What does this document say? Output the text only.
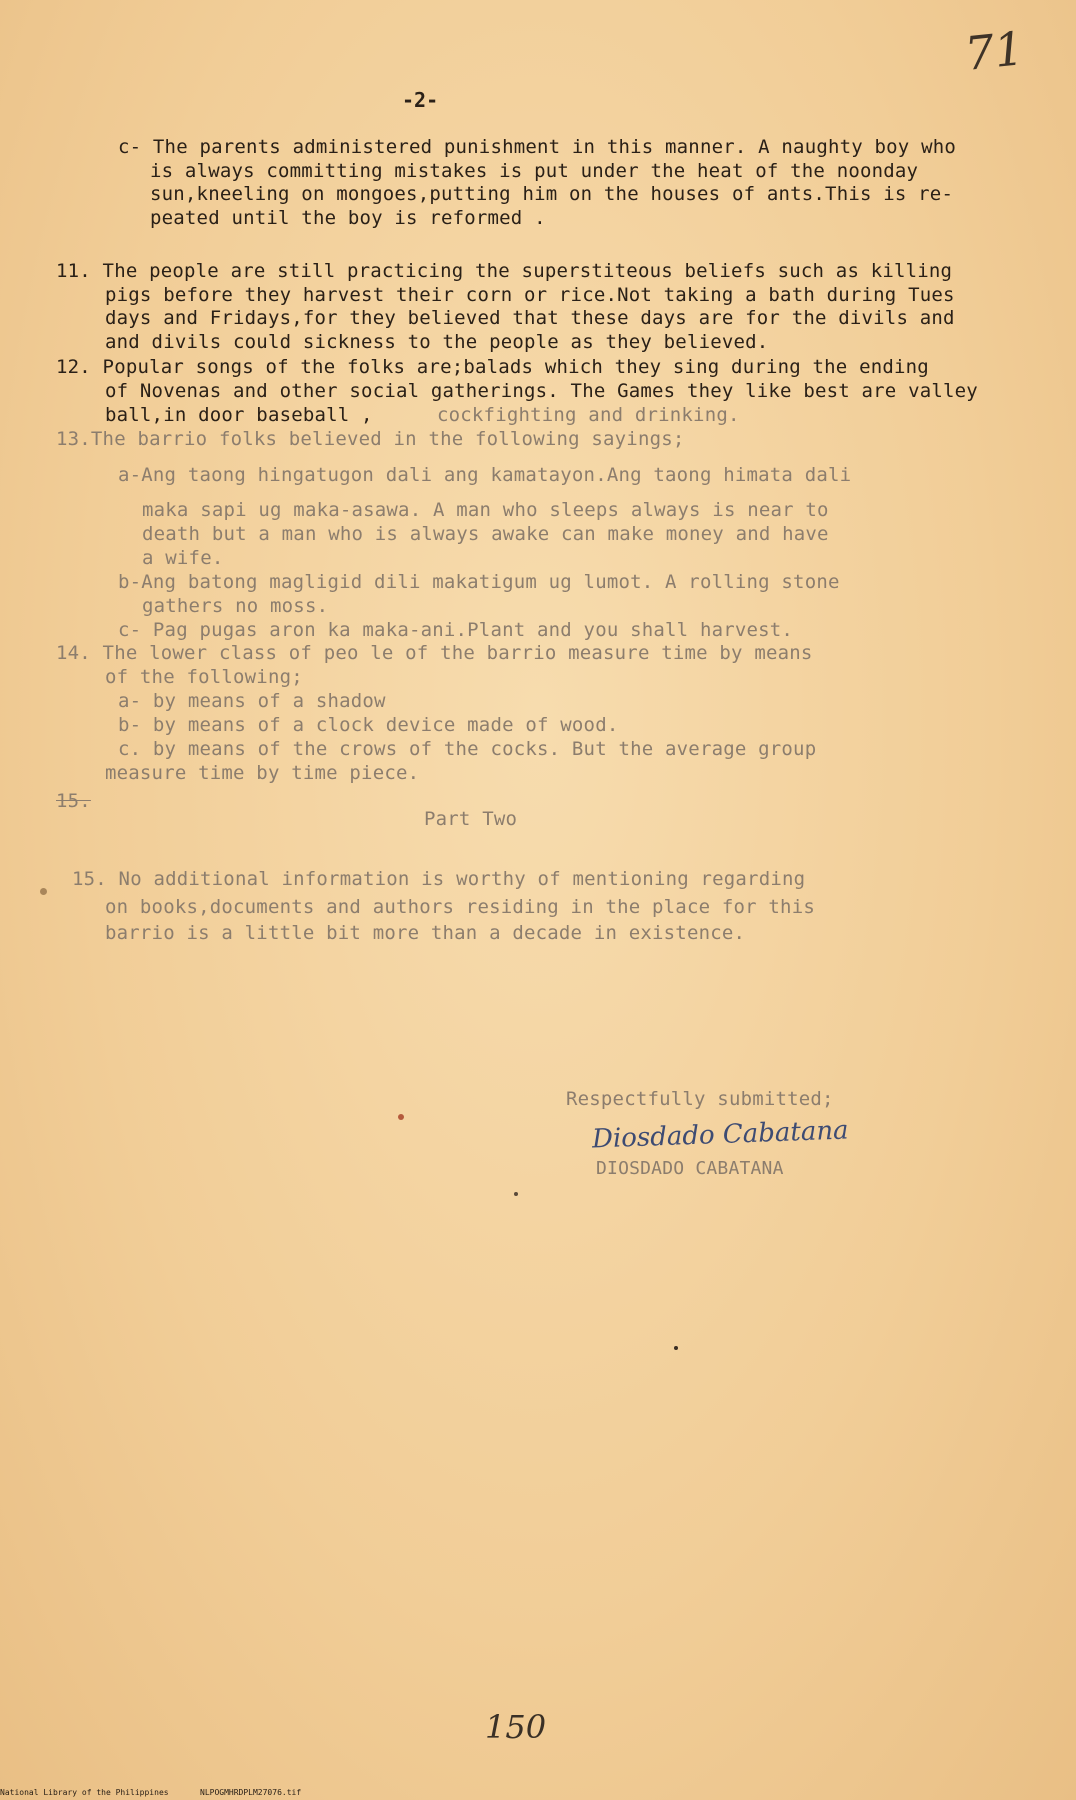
71
-2-
c- The parents administered punishment in this manner. A naughty boy who
is always committing mistakes is put under the heat of the noonday
sun,kneeling on mongoes,putting him on the houses of ants.This is re-
peated until the boy is reformed .
11. The people are still practicing the superstiteous beliefs such as killing
pigs before they harvest their corn or rice.Not taking a bath during Tues
days and Fridays,for they believed that these days are for the divils and
and divils could sickness to the people as they believed.
12. Popular songs of the folks are;balads which they sing during the ending
of Novenas and other social gatherings. The Games they like best are valley
ball,in door baseball ,	cockfighting and drinking.
13.The barrio folks believed in the following sayings;
a-Ang taong hingatugon dali ang kamatayon.Ang taong himata dali
maka sapi ug maka-asawa. A man who sleeps always is near to
death but a man who is always awake can make money and have
a wife.
b-Ang batong magligid dili makatigum ug lumot. A rolling stone
gathers no moss.
c- Pag pugas aron ka maka-ani.Plant and you shall harvest.
14. The lower class of peo le of the barrio measure time by means
of the following;
a- by means of a shadow
b- by means of a clock device made of wood.
c. by means of the crows of the cocks. But the average group
measure time by time piece.
15.
Part Two
15. No additional information is worthy of mentioning regarding
on books,documents and authors residing in the place for this
barrio is a little bit more than a decade in existence.
Respectfully submitted;
Diosdado Cabatana
DIOSDADO CABATANA
150
National Library of the Philippines	NLPOGMHRDPLM27076.tif
